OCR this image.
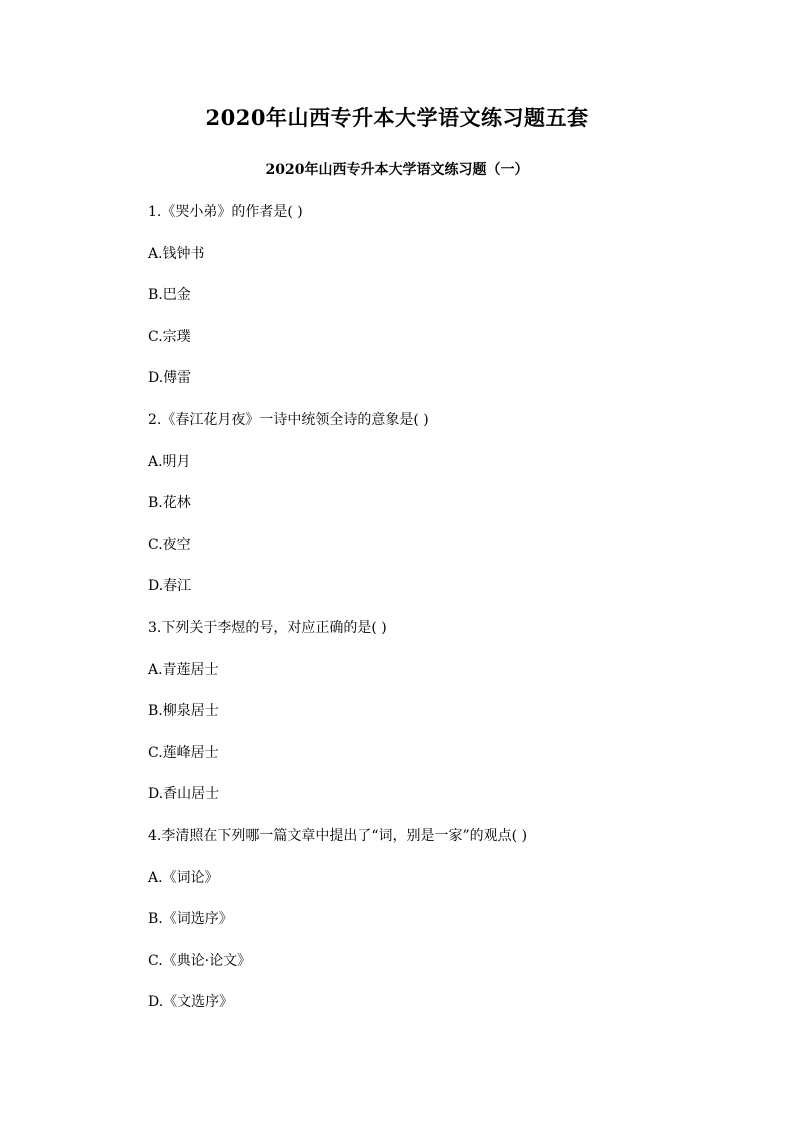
2020年山西专升本大学语文练习题五套
2020年山西专升本大学语文练习题（一）
1.《哭小弟》的作者是( )
A.钱钟书
B.巴金
C.宗璞
D.傅雷
2.《春江花月夜》一诗中统领全诗的意象是( )
A.明月
B.花林
C.夜空
D.春江
3.下列关于李煜的号，对应正确的是( )
A.青莲居士
B.柳泉居士
C.莲峰居士
D.香山居士
4.李清照在下列哪一篇文章中提出了“词，别是一家”的观点( )
A.《词论》
B.《词选序》
C.《典论·论文》
D.《文选序》
